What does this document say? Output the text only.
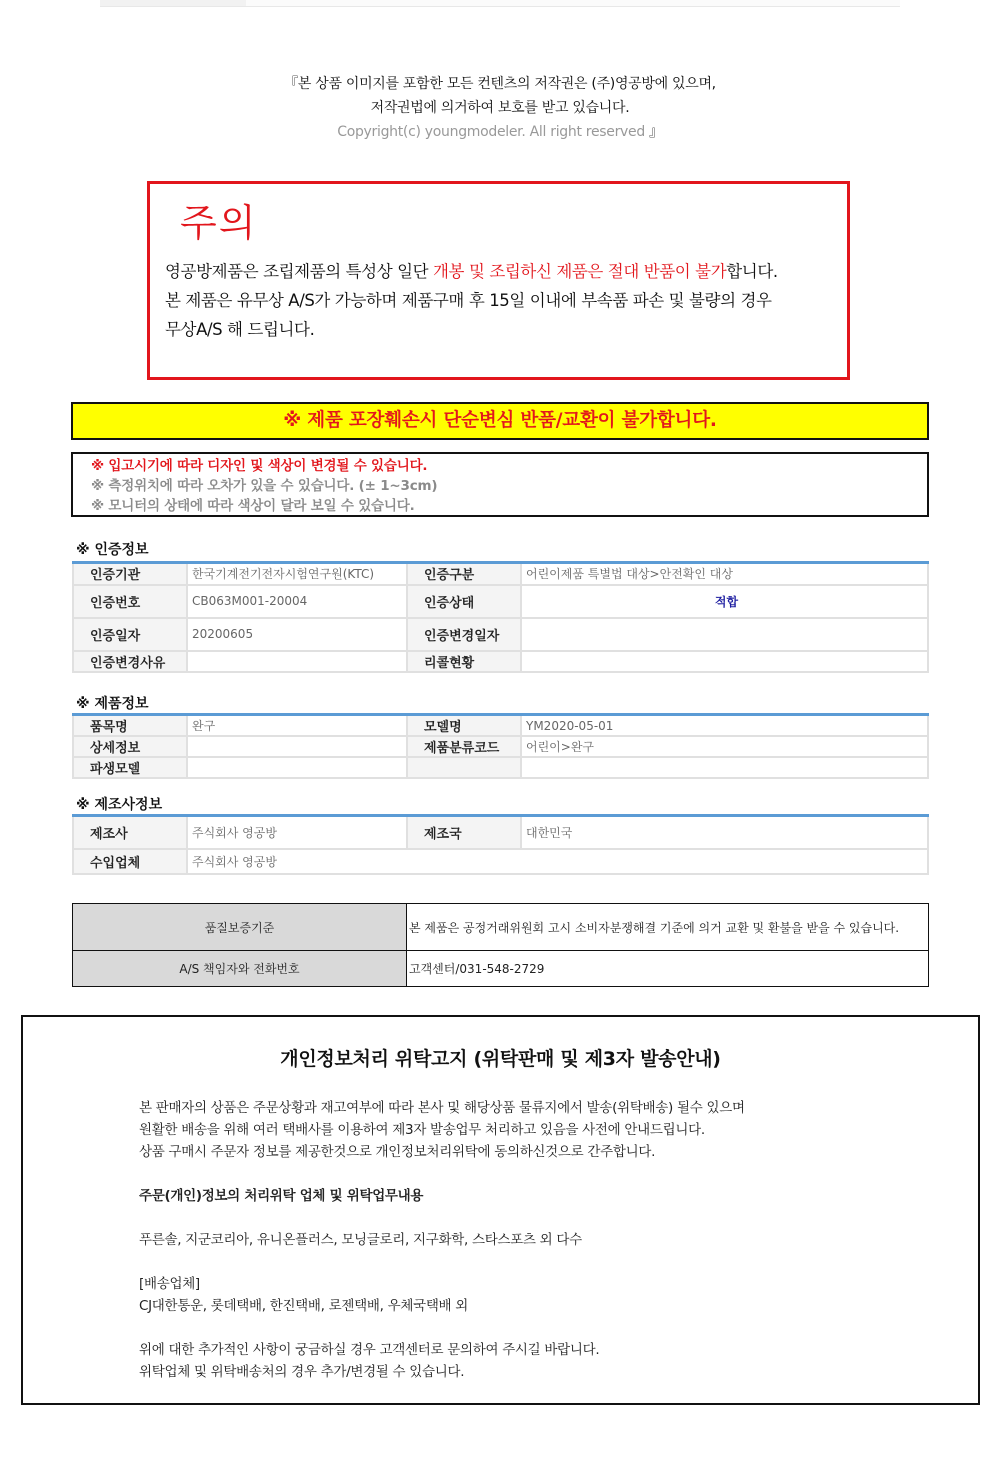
『본 상품 이미지를 포함한 모든 컨텐츠의 저작권은 (주)영공방에 있으며,
저작권법에 의거하여 보호를 받고 있습니다.
Copyright(c) youngmodeler. All right reserved 』
주의
영공방제품은 조립제품의 특성상 일단 개봉 및 조립하신 제품은 절대 반품이 불가합니다.
본 제품은 유무상 A/S가 가능하며 제품구매 후 15일 이내에 부속품 파손 및 불량의 경우
무상A/S 해 드립니다.
※ 제품 포장훼손시 단순변심 반품/교환이 불가합니다.
※ 입고시기에 따라 디자인 및 색상이 변경될 수 있습니다.
※ 측정위치에 따라 오차가 있을 수 있습니다. (± 1~3cm)
※ 모니터의 상태에 따라 색상이 달라 보일 수 있습니다.
※ 인증정보
인증기관	한국기계전기전자시험연구원(KTC)	인증구분	어린이제품 특별법 대상>안전확인 대상
인증번호	CB063M001-20004	인증상태	적합
인증일자	20200605	인증변경일자	
인증변경사유		리콜현황	
※ 제품정보
품목명	완구	모델명	YM2020-05-01
상세정보		제품분류코드	어린이>완구
파생모델			
※ 제조사정보
제조사	주식회사 영공방	제조국	대한민국
수입업체	주식회사 영공방		
품질보증기준	본 제품은 공정거래위원회 고시 소비자분쟁해결 기준에 의거 교환 및 환불을 받을 수 있습니다.
A/S 책임자와 전화번호	고객센터/031-548-2729
개인정보처리 위탁고지 (위탁판매 및 제3자 발송안내)
본 판매자의 상품은 주문상황과 재고여부에 따라 본사 및 해당상품 물류지에서 발송(위탁배송) 될수 있으며
원활한 배송을 위해 여러 택배사를 이용하여 제3자 발송업무 처리하고 있음을 사전에 안내드립니다.
상품 구매시 주문자 정보를 제공한것으로 개인정보처리위탁에 동의하신것으로 간주합니다.
주문(개인)정보의 처리위탁 업체 및 위탁업무내용
푸른솔, 지군코리아, 유니온플러스, 모닝글로리, 지구화학, 스타스포츠 외 다수
[배송업체]
CJ대한통운, 롯데택배, 한진택배, 로젠택배, 우체국택배 외
위에 대한 추가적인 사항이 궁금하실 경우 고객센터로 문의하여 주시길 바랍니다.
위탁업체 및 위탁배송처의 경우 추가/변경될 수 있습니다.
